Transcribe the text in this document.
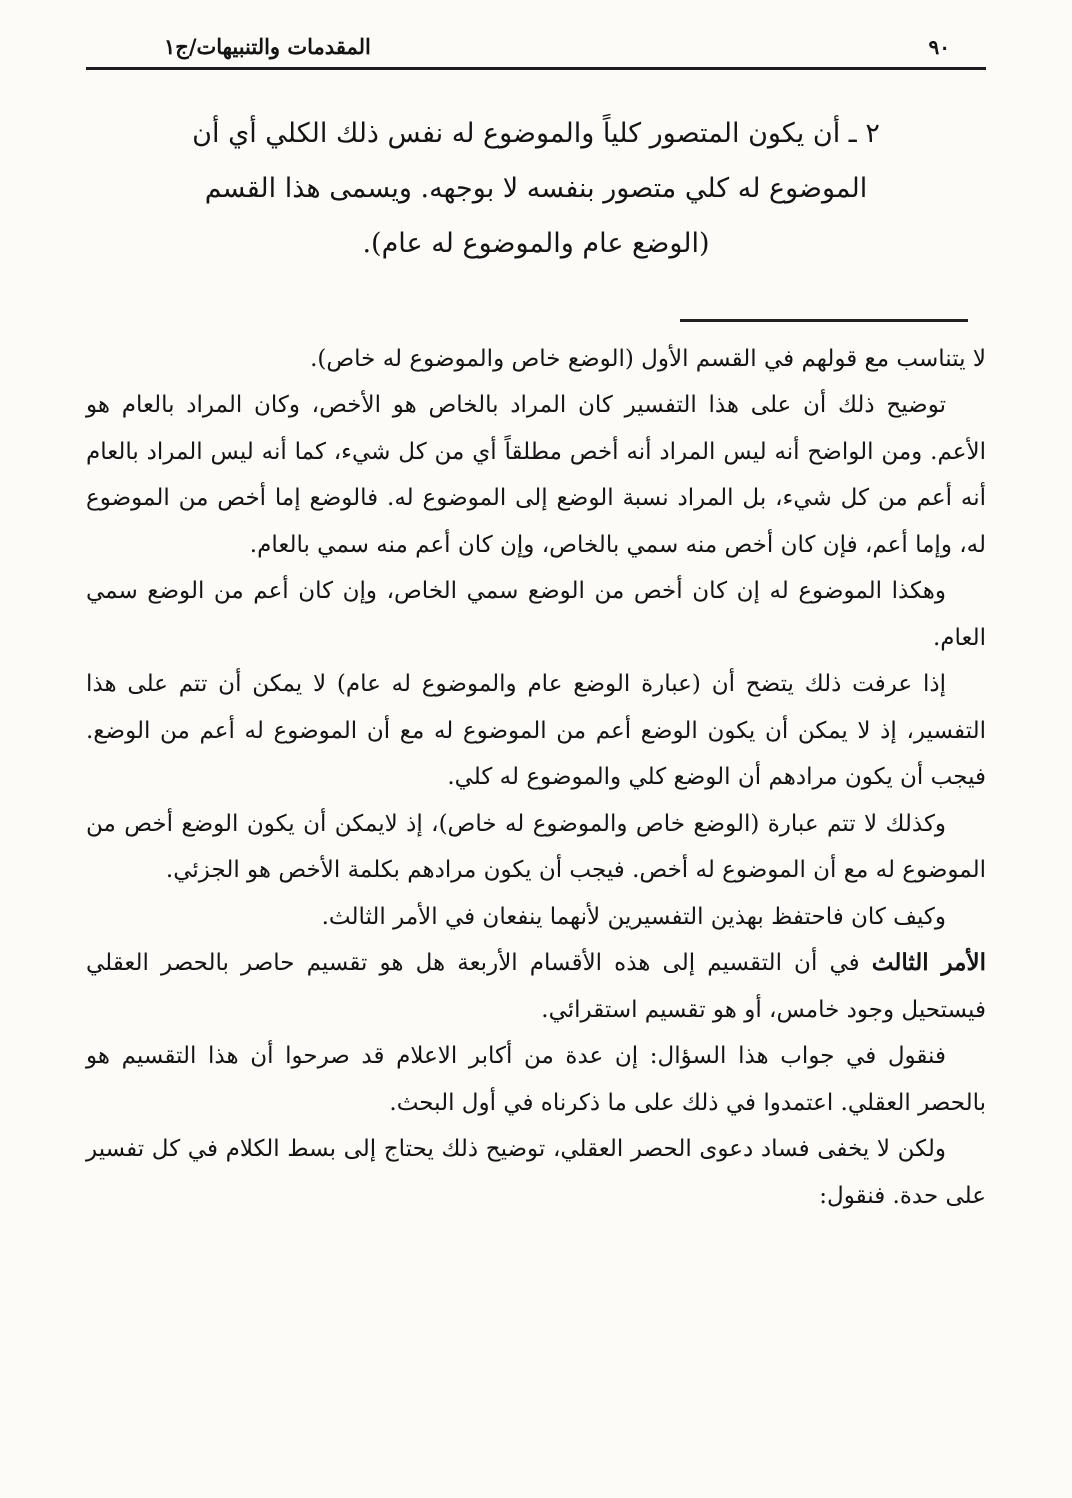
المقدمات والتنبيهات/ج١	٩٠
٢ ـ أن يكون المتصور كلياً والموضوع له نفس ذلك الكلي أي أن
الموضوع له كلي متصور بنفسه لا بوجهه. ويسمى هذا القسم
(الوضع عام والموضوع له عام).

لا يتناسب مع قولهم في القسم الأول (الوضع خاص والموضوع له خاص).

توضيح ذلك أن على هذا التفسير كان المراد بالخاص هو الأخص، وكان المراد بالعام هو الأعم. ومن الواضح أنه ليس المراد أنه أخص مطلقاً أي من كل شيء، كما أنه ليس المراد بالعام أنه أعم من كل شيء، بل المراد نسبة الوضع إلى الموضوع له. فالوضع إما أخص من الموضوع له، وإما أعم، فإن كان أخص منه سمي بالخاص، وإن كان أعم منه سمي بالعام.

وهكذا الموضوع له إن كان أخص من الوضع سمي الخاص، وإن كان أعم من الوضع سمي العام.

إذا عرفت ذلك يتضح أن (عبارة الوضع عام والموضوع له عام) لا يمكن أن تتم على هذا التفسير، إذ لا يمكن أن يكون الوضع أعم من الموضوع له مع أن الموضوع له أعم من الوضع. فيجب أن يكون مرادهم أن الوضع كلي والموضوع له كلي.

وكذلك لا تتم عبارة (الوضع خاص والموضوع له خاص)، إذ لايمكن أن يكون الوضع أخص من الموضوع له مع أن الموضوع له أخص. فيجب أن يكون مرادهم بكلمة الأخص هو الجزئي.

وكيف كان فاحتفظ بهذين التفسيرين لأنهما ينفعان في الأمر الثالث.

الأمر الثالث في أن التقسيم إلى هذه الأقسام الأربعة هل هو تقسيم حاصر بالحصر العقلي فيستحيل وجود خامس، أو هو تقسيم استقرائي.

فنقول في جواب هذا السؤال: إن عدة من أكابر الاعلام قد صرحوا أن هذا التقسيم هو بالحصر العقلي. اعتمدوا في ذلك على ما ذكرناه في أول البحث.

ولكن لا يخفى فساد دعوى الحصر العقلي، توضيح ذلك يحتاج إلى بسط الكلام في كل تفسير على حدة. فنقول:
